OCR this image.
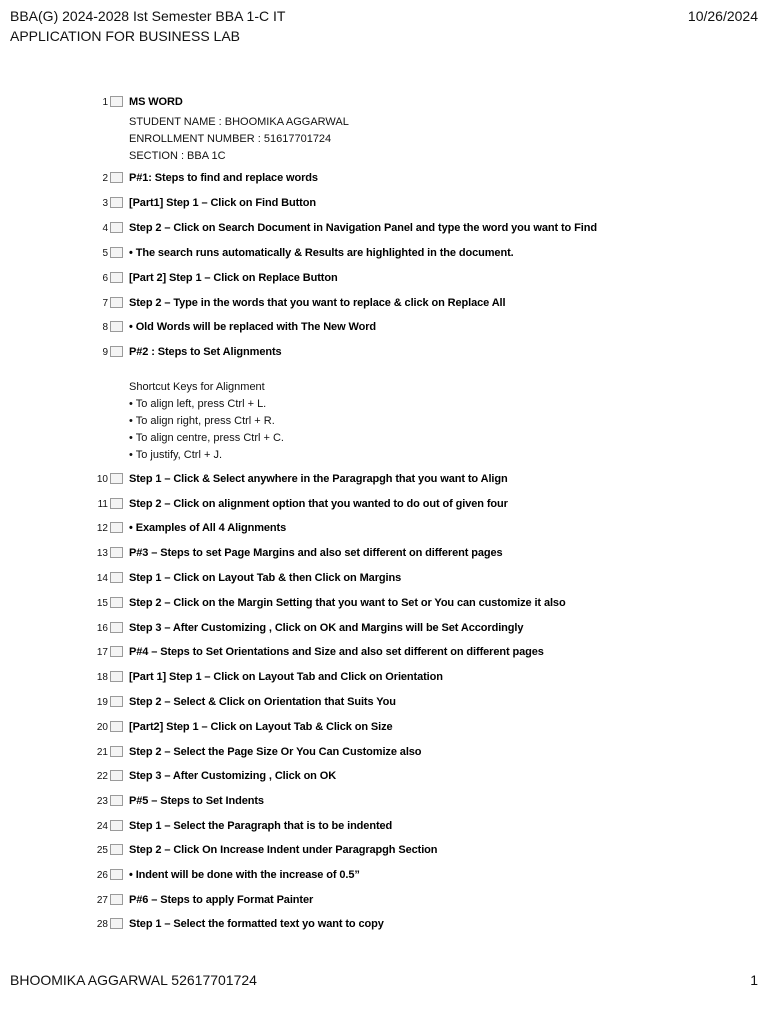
BBA(G) 2024-2028 Ist Semester BBA 1-C IT
APPLICATION FOR BUSINESS LAB
10/26/2024
1 MS WORD
STUDENT NAME : BHOOMIKA AGGARWAL
ENROLLMENT NUMBER : 51617701724
SECTION : BBA 1C
2 P#1: Steps to find and replace words
3 [Part1] Step 1 – Click on Find Button
4 Step 2 – Click on Search Document in Navigation Panel and type the word you want to Find
5 • The search runs automatically & Results are highlighted in the document.
6 [Part 2] Step 1 – Click on Replace Button
7 Step 2 – Type in the words that you want to replace & click on Replace All
8 • Old Words will be replaced with The New Word
9 P#2 : Steps to Set Alignments
Shortcut Keys for Alignment
• To align left, press Ctrl + L.
• To align right, press Ctrl + R.
• To align centre, press Ctrl + C.
• To justify, Ctrl + J.
10 Step 1 – Click & Select anywhere in the Paragrapgh that you want to Align
11 Step 2 – Click on alignment option that you wanted to do out of given four
12 • Examples of All 4 Alignments
13 P#3 – Steps to set Page Margins and also set different on different pages
14 Step 1 – Click on Layout Tab & then Click on Margins
15 Step 2 – Click on the Margin Setting that you want to Set or You can customize it also
16 Step 3 – After Customizing , Click on OK and Margins will be Set Accordingly
17 P#4 – Steps to Set Orientations and Size and also set different on different pages
18 [Part 1] Step 1 – Click on Layout Tab and Click on Orientation
19 Step 2 – Select & Click on Orientation that Suits You
20 [Part2] Step 1 – Click on Layout Tab & Click on Size
21 Step 2 – Select the Page Size Or You Can Customize also
22 Step 3 – After Customizing , Click on OK
23 P#5 – Steps to Set Indents
24 Step 1 – Select the Paragraph that is to be indented
25 Step 2 – Click On Increase Indent under Paragrapgh Section
26 • Indent will be done with the increase of 0.5”
27 P#6 – Steps to apply Format Painter
28 Step 1 – Select the formatted text yo want to copy
BHOOMIKA AGGARWAL 52617701724	1
